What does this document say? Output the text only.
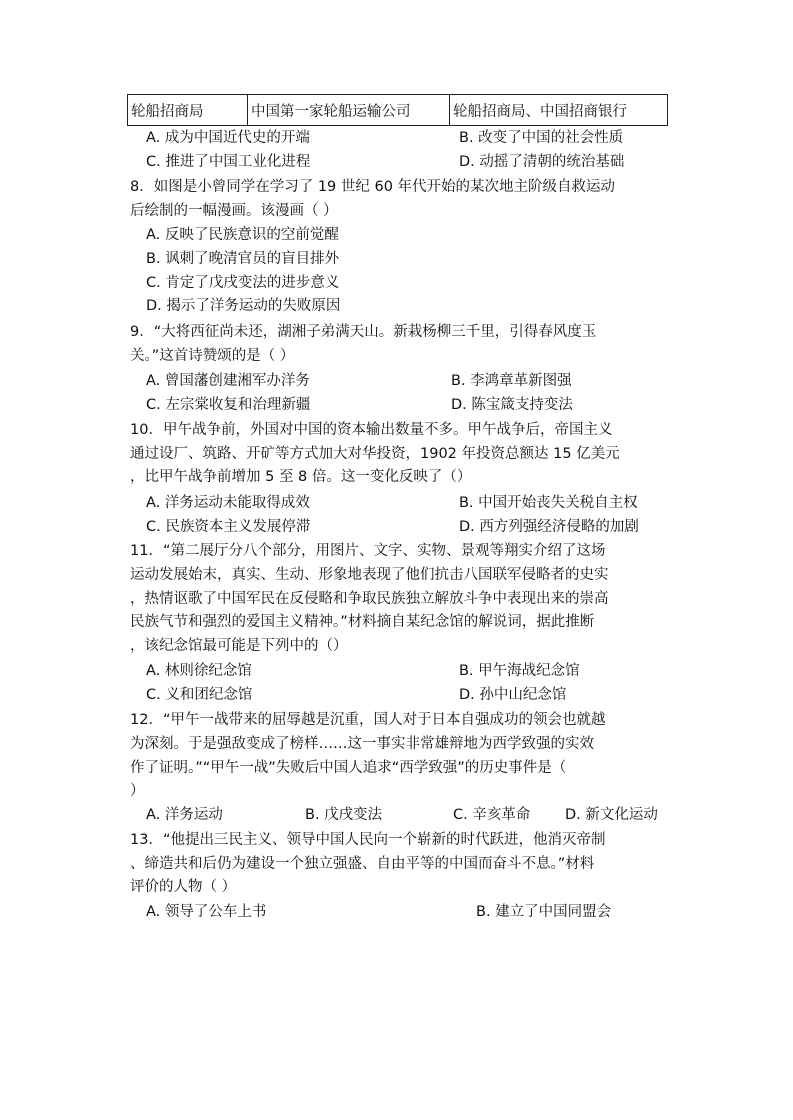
轮船招商局	中国第一家轮船运输公司	轮船招商局、中国招商银行
A. 成为中国近代史的开端	B. 改变了中国的社会性质
C. 推进了中国工业化进程	D. 动摇了清朝的统治基础
8．如图是小曾同学在学习了 19 世纪 60 年代开始的某次地主阶级自救运动
后绘制的一幅漫画。该漫画（ ）
A. 反映了民族意识的空前觉醒
B. 讽刺了晚清官员的盲目排外
C. 肯定了戊戌变法的进步意义
D. 揭示了洋务运动的失败原因
9．“大将西征尚未还，湖湘子弟满天山。新栽杨柳三千里，引得春风度玉
关。”这首诗赞颂的是（ ）
A. 曾国藩创建湘军办洋务	B. 李鸿章革新图强
C. 左宗棠收复和治理新疆	D. 陈宝箴支持变法
10．甲午战争前，外国对中国的资本输出数量不多。甲午战争后，帝国主义
通过设厂、筑路、开矿等方式加大对华投资，1902 年投资总额达 15 亿美元
，比甲午战争前增加 5 至 8 倍。这一变化反映了（）
A. 洋务运动未能取得成效	B. 中国开始丧失关税自主权
C. 民族资本主义发展停滞	D. 西方列强经济侵略的加剧
11．“第二展厅分八个部分，用图片、文字、实物、景观等翔实介绍了这场
运动发展始末，真实、生动、形象地表现了他们抗击八国联军侵略者的史实
，热情讴歌了中国军民在反侵略和争取民族独立解放斗争中表现出来的崇高
民族气节和强烈的爱国主义精神。”材料摘自某纪念馆的解说词，据此推断
，该纪念馆最可能是下列中的（）
A. 林则徐纪念馆	B. 甲午海战纪念馆
C. 义和团纪念馆	D. 孙中山纪念馆
12．“甲午一战带来的屈辱越是沉重，国人对于日本自强成功的领会也就越
为深刻。于是强敌变成了榜样……这一事实非常雄辩地为西学致强的实效
作了证明。”“甲午一战”失败后中国人追求“西学致强”的历史事件是（
）
A. 洋务运动	B. 戊戌变法	C. 辛亥革命 D. 新文化运动
13．“他提出三民主义、领导中国人民向一个崭新的时代跃进，他消灭帝制
、缔造共和后仍为建设一个独立强盛、自由平等的中国而奋斗不息。”材料
评价的人物（ ）
A. 领导了公车上书	B. 建立了中国同盟会
